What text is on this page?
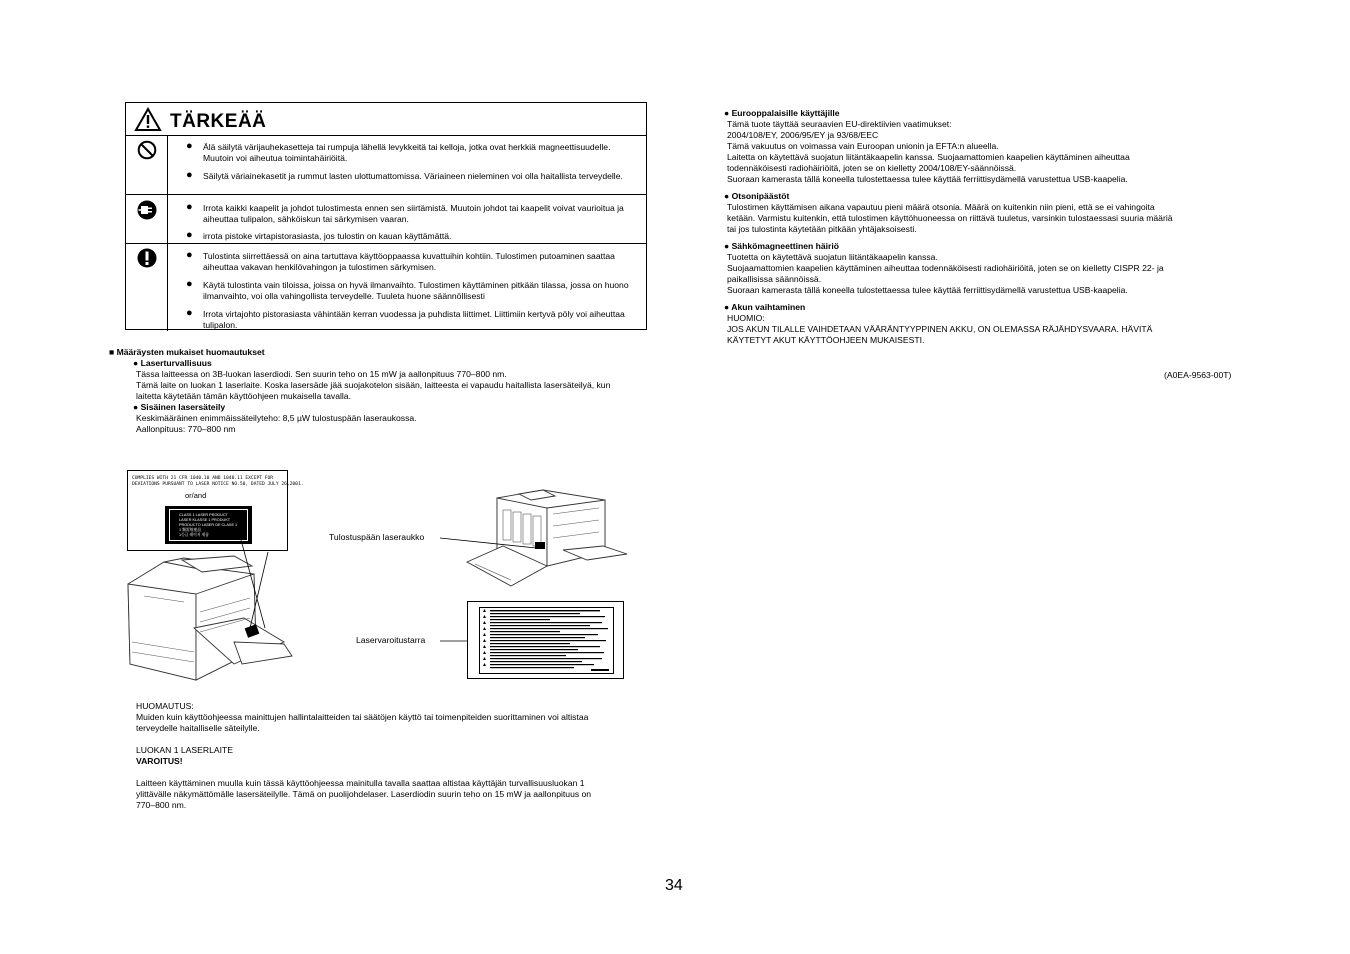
TÄRKEÄÄ
● Älä säilytä värijauhekasetteja tai rumpuja lähellä levykkeitä tai kelloja, jotka ovat herkkiä magneettisuudelle. Muutoin voi aiheutua toimintahäiriöitä.
● Säilytä väriainekasetit ja rummut lasten ulottumattomissa. Väriaineen nieleminen voi olla haitallista terveydelle.
● Irrota kaikki kaapelit ja johdot tulostimesta ennen sen siirtämistä. Muutoin johdot tai kaapelit voivat vaurioitua ja aiheuttaa tulipalon, sähköiskun tai särkymisen vaaran.
● irrota pistoke virtapistorasiasta, jos tulostin on kauan käyttämättä.
● Tulostinta siirrettäessä on aina tartuttava käyttöoppaassa kuvattuihin kohtiin. Tulostimen putoaminen saattaa aiheuttaa vakavan henkilövahingon ja tulostimen särkymisen.
● Käytä tulostinta vain tiloissa, joissa on hyvä ilmanvaihto. Tulostimen käyttäminen pitkään tilassa, jossa on huono ilmanvaihto, voi olla vahingollista terveydelle. Tuuleta huone säännöllisesti
● Irrota virtajohto pistorasiasta vähintään kerran vuodessa ja puhdista liittimet. Liittimiin kertyvä pöly voi aiheuttaa tulipalon.

■ Määräysten mukaiset huomautukset

● Laserturvallisuus

Tässa laitteessa on 3B-luokan laserdiodi. Sen suurin teho on 15 mW ja aallonpituus 770–800 nm.

Tämä laite on luokan 1 laserlaite. Koska lasersäde jää suojakotelon sisään, laitteesta ei vapaudu haitallista lasersäteilyä, kun

laitetta käytetään tämän käyttöohjeen mukaisella tavalla.

● Sisäinen lasersäteily

Keskimääräinen enimmäissäteilyteho: 8,5 µW tulostuspään laseraukossa.

Aallonpituus: 770–800 nm

COMPLIES WITH 21 CFR 1040.10 AND 1040.11 EXCEPT FOR

DEVIATIONS PURSUANT TO LASER NOTICE NO.50, DATED JULY 26,2001.

or/and

CLASS 1 LASER PRODUCT

LASER KLASSE 1 PRODUKT

PRODUCTO LASER DE CLASE 1

1 類雷射產品

1등급 레이저 제품	Tulostuspään laseraukko
Laservaroitustarra

HUOMAUTUS:

Muiden kuin käyttöohjeessa mainittujen hallintalaitteiden tai säätöjen käyttö tai toimenpiteiden suorittaminen voi altistaa

terveydelle haitalliselle säteilylle.

LUOKAN 1 LASERLAITE

VAROITUS!

Laitteen käyttäminen muulla kuin tässä käyttöohjeessa mainitulla tavalla saattaa altistaa käyttäjän turvallisuusluokan 1

ylittävälle näkymättömälle lasersäteilylle. Tämä on puolijohdelaser. Laserdiodin suurin teho on 15 mW ja aallonpituus on

770–800 nm.

● Eurooppalaisille käyttäjille

Tämä tuote täyttää seuraavien EU-direktiivien vaatimukset:

2004/108/EY, 2006/95/EY ja 93/68/EEC

Tämä vakuutus on voimassa vain Euroopan unionin ja EFTA:n alueella.

Laitetta on käytettävä suojatun liitäntäkaapelin kanssa. Suojaamattomien kaapelien käyttäminen aiheuttaa

todennäköisesti radiohäiriöitä, joten se on kielletty 2004/108/EY-säännöissä.

Suoraan kamerasta tällä koneella tulostettaessa tulee käyttää ferriittisydämellä varustettua USB-kaapelia.

● Otsonipäästöt

Tulostimen käyttämisen aikana vapautuu pieni määrä otsonia. Määrä on kuitenkin niin pieni, että se ei vahingoita

ketään. Varmistu kuitenkin, että tulostimen käyttöhuoneessa on riittävä tuuletus, varsinkin tulostaessasi suuria määriä

tai jos tulostinta käytetään pitkään yhtäjaksoisesti.

● Sähkömagneettinen häiriö

Tuotetta on käytettävä suojatun liitäntäkaapelin kanssa.

Suojaamattomien kaapelien käyttäminen aiheuttaa todennäköisesti radiohäiriöitä, joten se on kielletty CISPR 22- ja

paikallisissa säännöissä.

Suoraan kamerasta tällä koneella tulostettaessa tulee käyttää ferriittisydämellä varustettua USB-kaapelia.

● Akun vaihtaminen

HUOMIO:

JOS AKUN TILALLE VAIHDETAAN VÄÄRÄNTYYPPINEN AKKU, ON OLEMASSA RÄJÄHDYSVAARA. HÄVITÄ

KÄYTETYT AKUT KÄYTTÖOHJEEN MUKAISESTI.

(A0EA-9563-00T)
34
